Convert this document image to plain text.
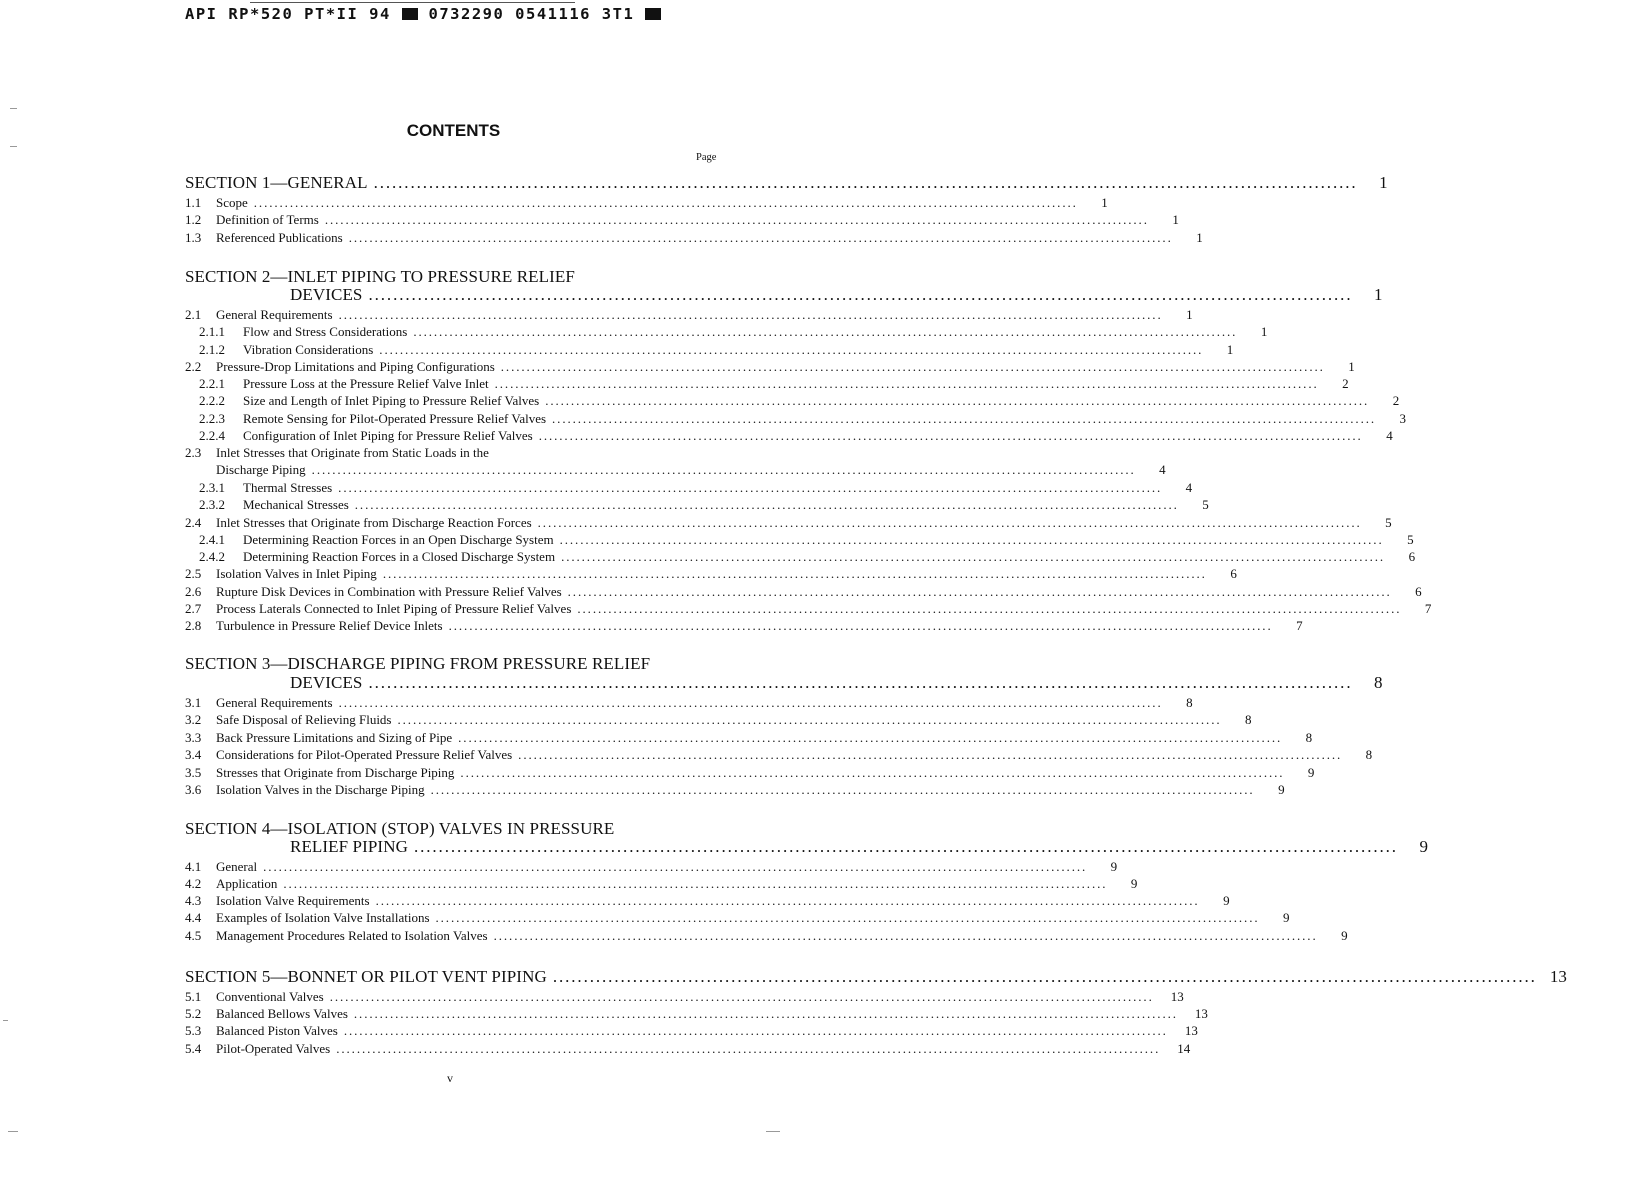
API RP*520 PT*II 94 0732290 0541116 3T1
CONTENTS
Page
SECTION 1—GENERAL ................................................................................................................................................................	1
1.1	Scope ................................................................................................................................................................	1
1.2	Definition of Terms ................................................................................................................................................................	1
1.3	Referenced Publications ................................................................................................................................................................	1
SECTION 2—INLET PIPING TO PRESSURE RELIEF
DEVICES ................................................................................................................................................................	1
2.1	General Requirements ................................................................................................................................................................	1
2.1.1	Flow and Stress Considerations ................................................................................................................................................................	1
2.1.2	Vibration Considerations ................................................................................................................................................................	1
2.2	Pressure-Drop Limitations and Piping Configurations ................................................................................................................................................................	1
2.2.1	Pressure Loss at the Pressure Relief Valve Inlet ................................................................................................................................................................	2
2.2.2	Size and Length of Inlet Piping to Pressure Relief Valves ................................................................................................................................................................	2
2.2.3	Remote Sensing for Pilot-Operated Pressure Relief Valves ................................................................................................................................................................	3
2.2.4	Configuration of Inlet Piping for Pressure Relief Valves ................................................................................................................................................................	4
2.3	Inlet Stresses that Originate from Static Loads in the
Discharge Piping ................................................................................................................................................................	4
2.3.1	Thermal Stresses ................................................................................................................................................................	4
2.3.2	Mechanical Stresses ................................................................................................................................................................	5
2.4	Inlet Stresses that Originate from Discharge Reaction Forces ................................................................................................................................................................	5
2.4.1	Determining Reaction Forces in an Open Discharge System ................................................................................................................................................................	5
2.4.2	Determining Reaction Forces in a Closed Discharge System ................................................................................................................................................................	6
2.5	Isolation Valves in Inlet Piping ................................................................................................................................................................	6
2.6	Rupture Disk Devices in Combination with Pressure Relief Valves ................................................................................................................................................................	6
2.7	Process Laterals Connected to Inlet Piping of Pressure Relief Valves ................................................................................................................................................................	7
2.8	Turbulence in Pressure Relief Device Inlets ................................................................................................................................................................	7
SECTION 3—DISCHARGE PIPING FROM PRESSURE RELIEF
DEVICES ................................................................................................................................................................	8
3.1	General Requirements ................................................................................................................................................................	8
3.2	Safe Disposal of Relieving Fluids ................................................................................................................................................................	8
3.3	Back Pressure Limitations and Sizing of Pipe ................................................................................................................................................................	8
3.4	Considerations for Pilot-Operated Pressure Relief Valves ................................................................................................................................................................	8
3.5	Stresses that Originate from Discharge Piping ................................................................................................................................................................	9
3.6	Isolation Valves in the Discharge Piping ................................................................................................................................................................	9
SECTION 4—ISOLATION (STOP) VALVES IN PRESSURE
RELIEF PIPING ................................................................................................................................................................	9
4.1	General ................................................................................................................................................................	9
4.2	Application ................................................................................................................................................................	9
4.3	Isolation Valve Requirements ................................................................................................................................................................	9
4.4	Examples of Isolation Valve Installations ................................................................................................................................................................	9
4.5	Management Procedures Related to Isolation Valves ................................................................................................................................................................	9
SECTION 5—BONNET OR PILOT VENT PIPING ................................................................................................................................................................ 13
5.1	Conventional Valves ................................................................................................................................................................	13
5.2	Balanced Bellows Valves ................................................................................................................................................................	13
5.3	Balanced Piston Valves ................................................................................................................................................................	13
5.4	Pilot-Operated Valves ................................................................................................................................................................	14
v
